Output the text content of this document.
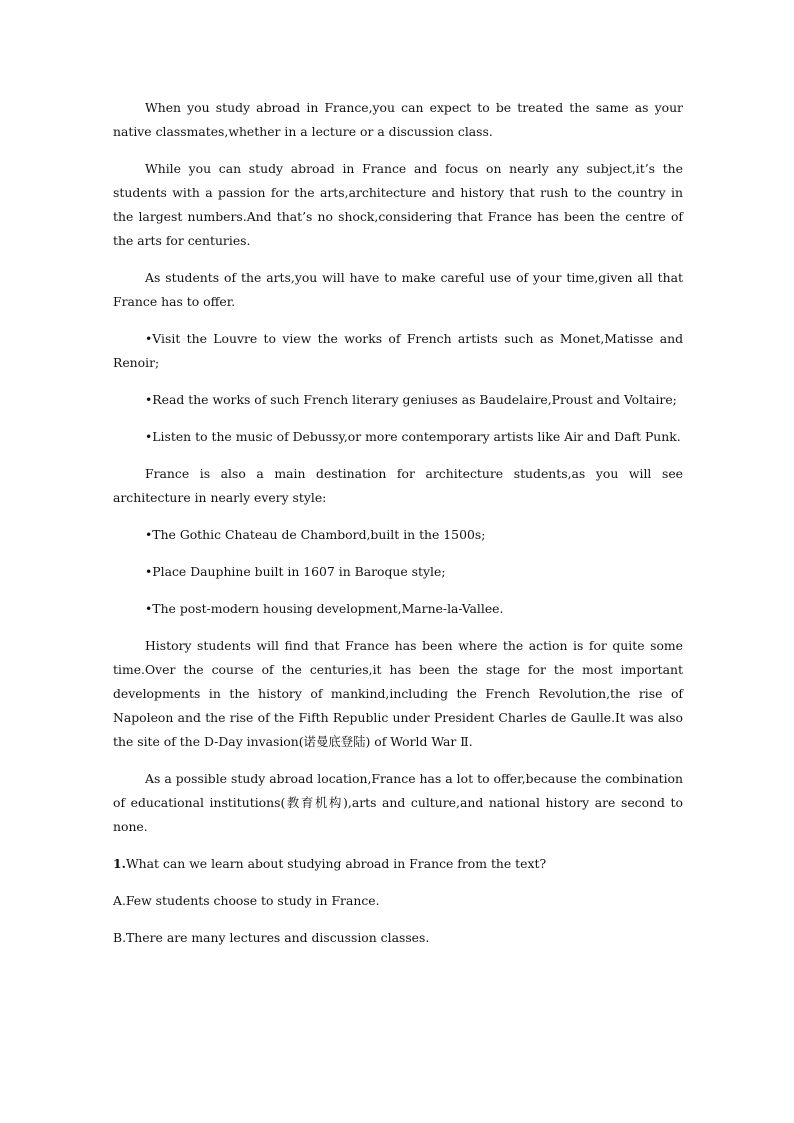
When you study abroad in France,you can expect to be treated the same as your native classmates,whether in a lecture or a discussion class.

While you can study abroad in France and focus on nearly any subject,it’s the students with a passion for the arts,architecture and history that rush to the country in the largest numbers.And that’s no shock,considering that France has been the centre of the arts for centuries.

As students of the arts,you will have to make careful use of your time,given all that France has to offer.

•Visit the Louvre to view the works of French artists such as Monet,Matisse and Renoir;

•Read the works of such French literary geniuses as Baudelaire,Proust and Voltaire;

•Listen to the music of Debussy,or more contemporary artists like Air and Daft Punk.

France is also a main destination for architecture students,as you will see architecture in nearly every style:

•The Gothic Chateau de Chambord,built in the 1500s;

•Place Dauphine built in 1607 in Baroque style;

•The post-modern housing development,Marne-la-Vallee.

History students will find that France has been where the action is for quite some time.Over the course of the centuries,it has been the stage for the most important developments in the history of mankind,including the French Revolution,the rise of Napoleon and the rise of the Fifth Republic under President Charles de Gaulle.It was also the site of the D-Day invasion(诺曼底登陆) of World War Ⅱ.

As a possible study abroad location,France has a lot to offer,because the combination of educational institutions(教育机构),arts and culture,and national history are second to none.

1.What can we learn about studying abroad in France from the text?

A.Few students choose to study in France.

B.There are many lectures and discussion classes.
